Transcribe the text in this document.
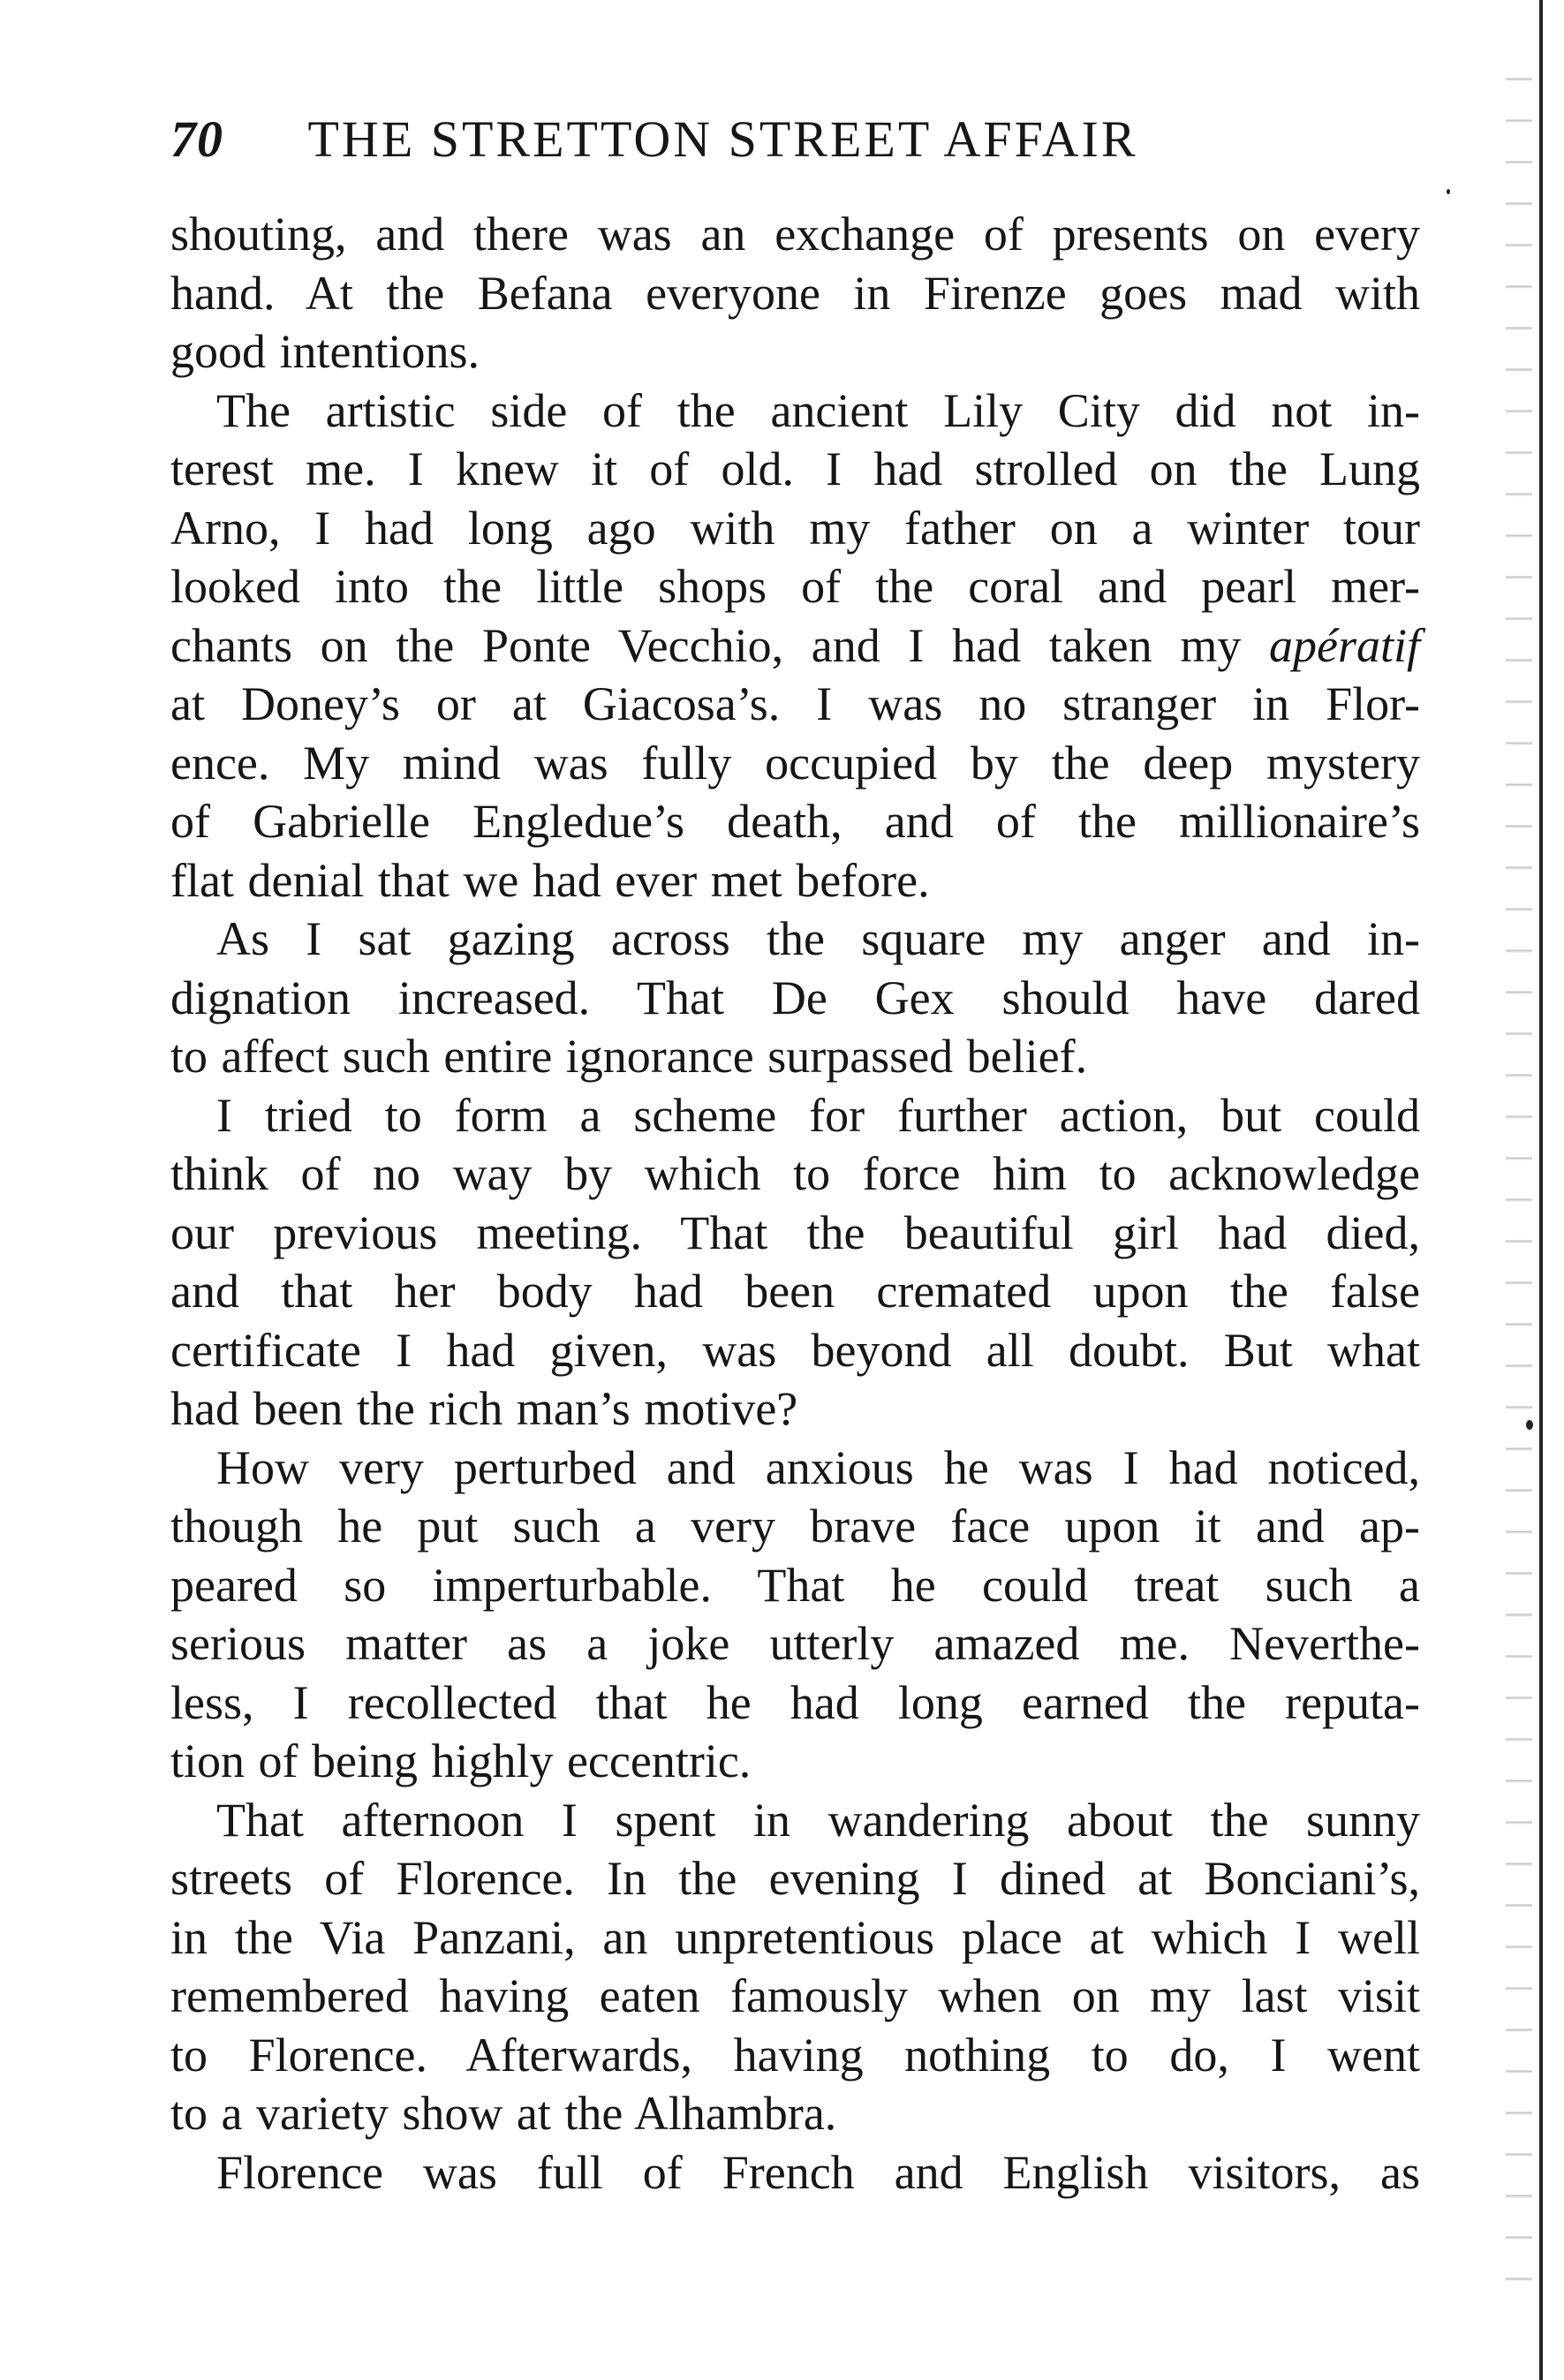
70 THE STRETTON STREET AFFAIR
shouting, and there was an exchange of presents on every
hand. At the Befana everyone in Firenze goes mad with
good intentions.
The artistic side of the ancient Lily City did not in-
terest me. I knew it of old. I had strolled on the Lung
Arno, I had long ago with my father on a winter tour
looked into the little shops of the coral and pearl mer-
chants on the Ponte Vecchio, and I had taken my apératif
at Doney’s or at Giacosa’s. I was no stranger in Flor-
ence. My mind was fully occupied by the deep mystery
of Gabrielle Engledue’s death, and of the millionaire’s
flat denial that we had ever met before.
As I sat gazing across the square my anger and in-
dignation increased. That De Gex should have dared
to affect such entire ignorance surpassed belief.
I tried to form a scheme for further action, but could
think of no way by which to force him to acknowledge
our previous meeting. That the beautiful girl had died,
and that her body had been cremated upon the false
certificate I had given, was beyond all doubt. But what
had been the rich man’s motive?
How very perturbed and anxious he was I had noticed,
though he put such a very brave face upon it and ap-
peared so imperturbable. That he could treat such a
serious matter as a joke utterly amazed me. Neverthe-
less, I recollected that he had long earned the reputa-
tion of being highly eccentric.
That afternoon I spent in wandering about the sunny
streets of Florence. In the evening I dined at Bonciani’s,
in the Via Panzani, an unpretentious place at which I well
remembered having eaten famously when on my last visit
to Florence. Afterwards, having nothing to do, I went
to a variety show at the Alhambra.
Florence was full of French and English visitors, as
